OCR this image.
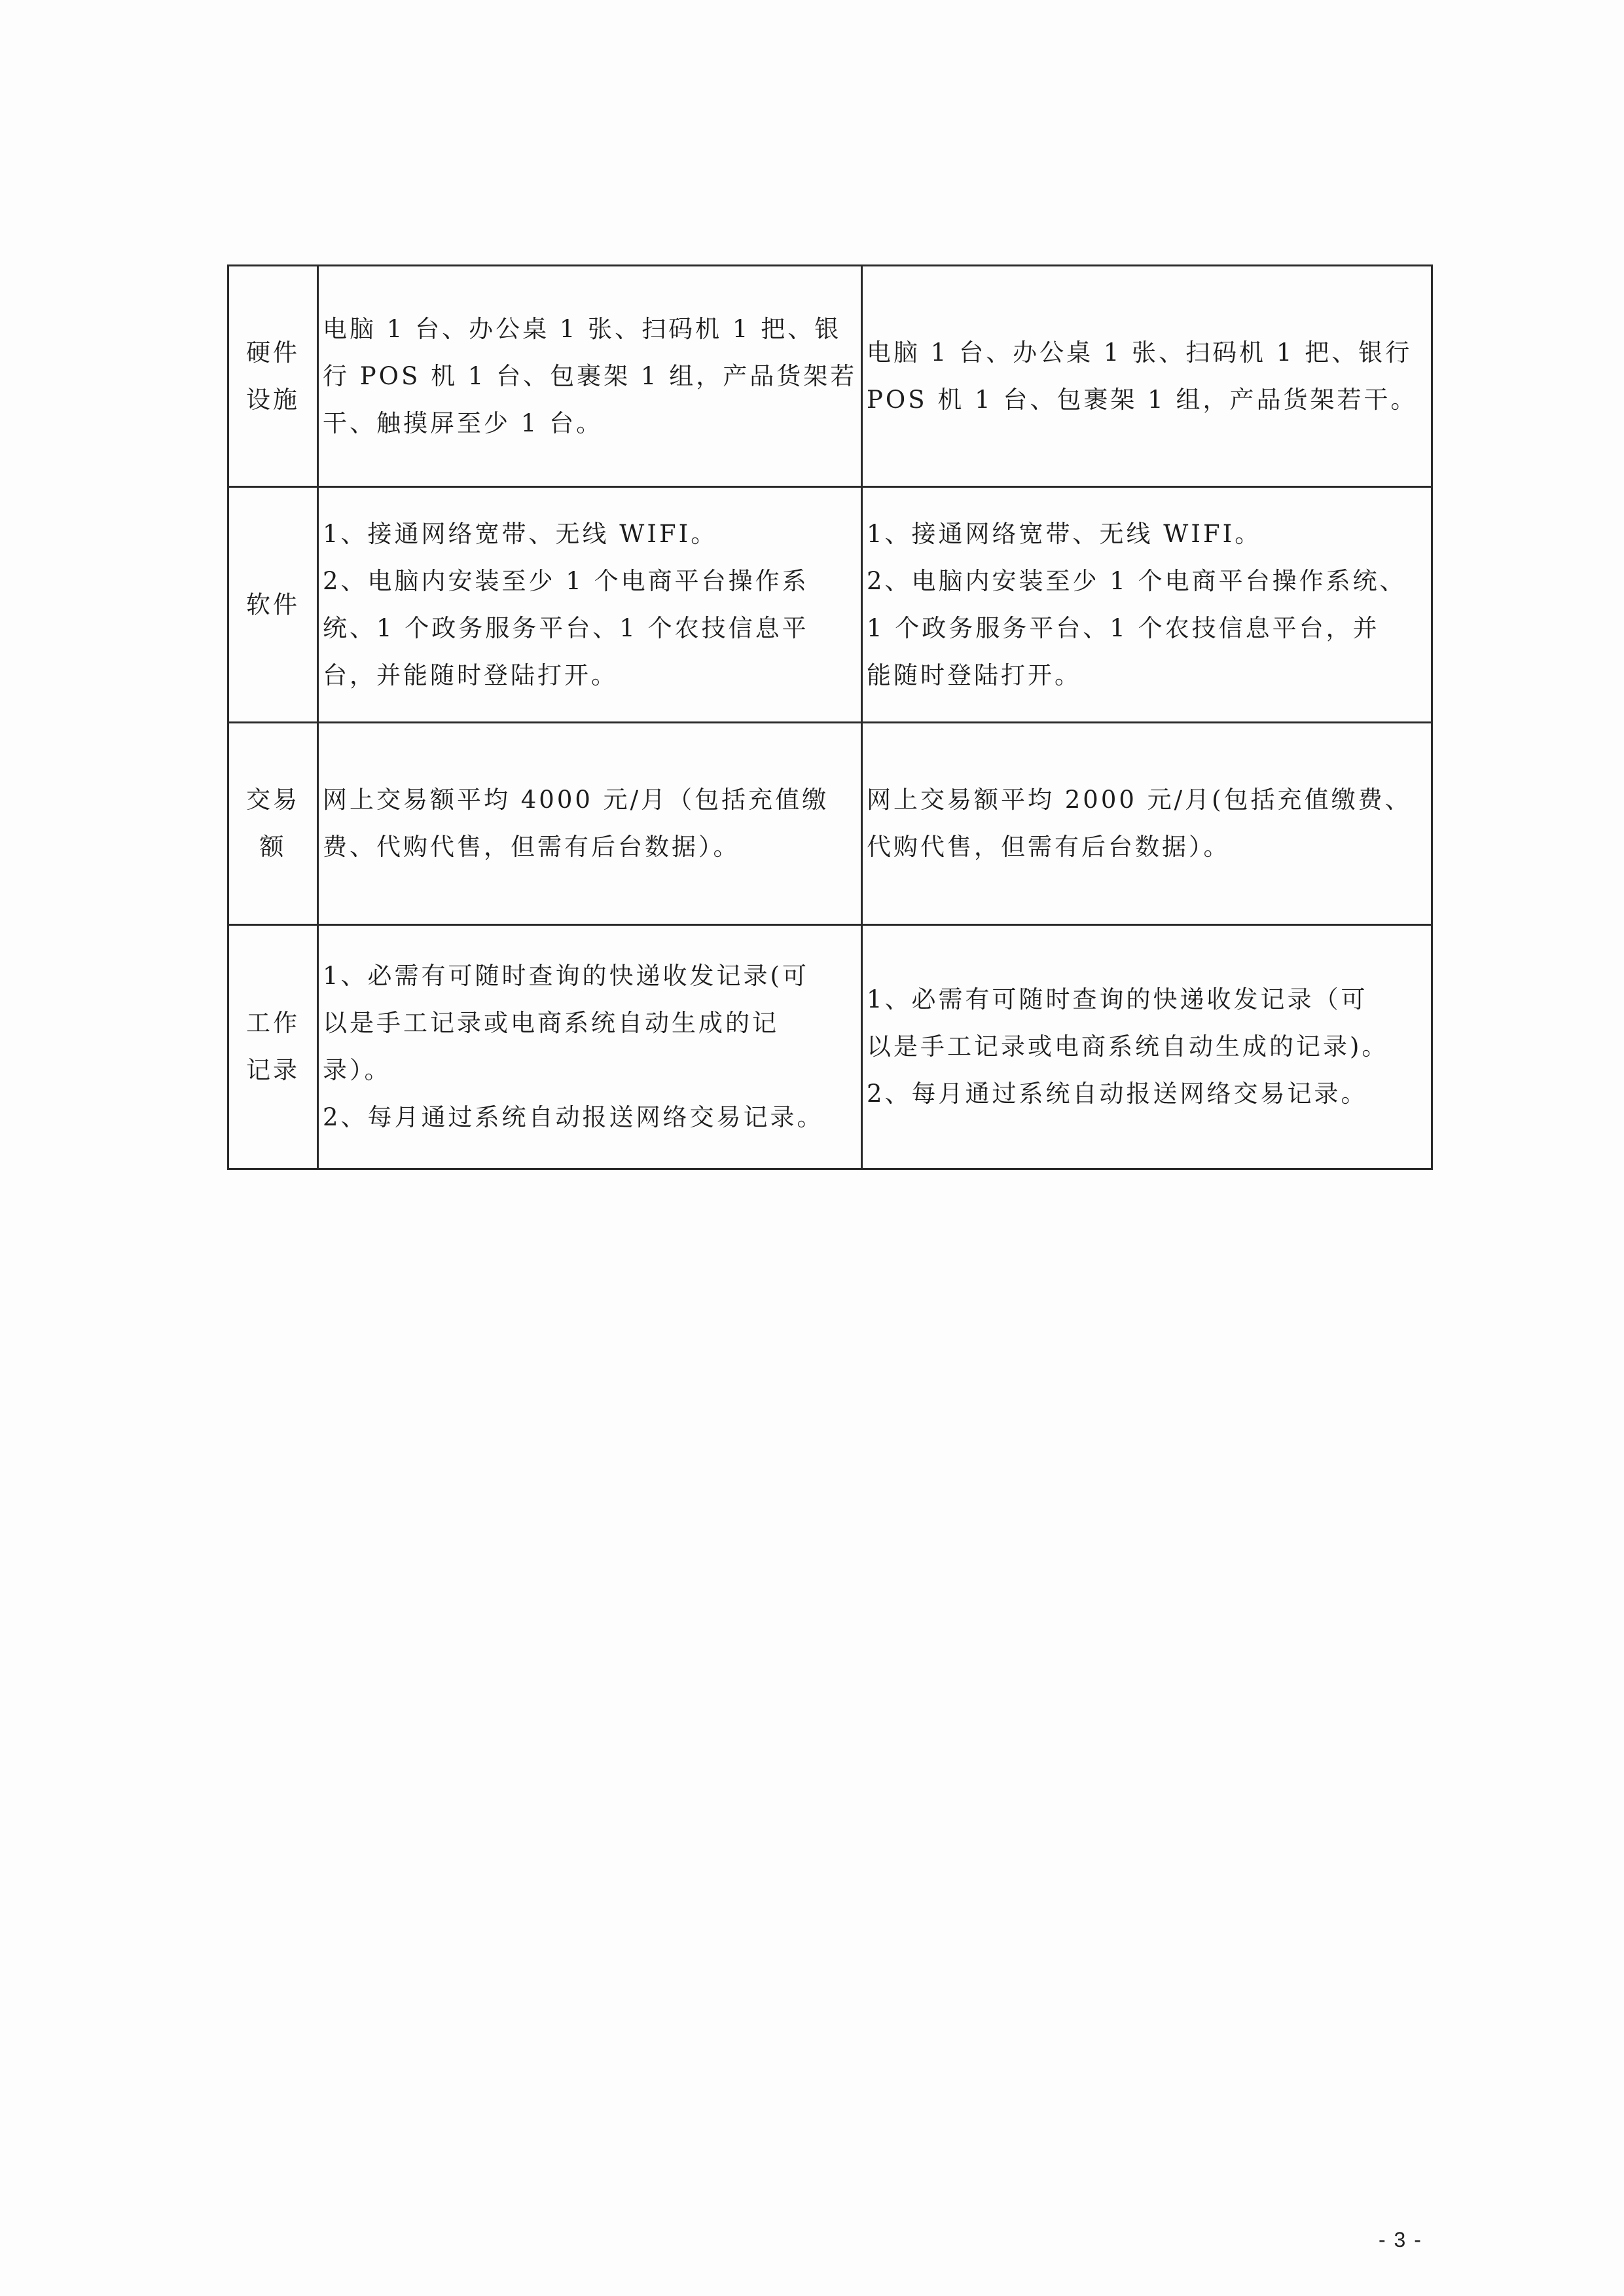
硬件
设施	电脑 1 台、办公桌 1 张、扫码机 1 把、银
行 POS 机 1 台、包裹架 1 组，产品货架若
干、触摸屏至少 1 台。	电脑 1 台、办公桌 1 张、扫码机 1 把、银行
POS 机 1 台、包裹架 1 组，产品货架若干。

软件	1、接通网络宽带、无线 WIFI。
2、电脑内安装至少 1 个电商平台操作系
统、1 个政务服务平台、1 个农技信息平
台，并能随时登陆打开。	1、接通网络宽带、无线 WIFI。
2、电脑内安装至少 1 个电商平台操作系统、
1 个政务服务平台、1 个农技信息平台，并
能随时登陆打开。

交易
额	网上交易额平均 4000 元/月（包括充值缴
费、代购代售，但需有后台数据）。	网上交易额平均 2000 元/月(包括充值缴费、
代购代售，但需有后台数据）。

工作
记录	1、必需有可随时查询的快递收发记录(可
以是手工记录或电商系统自动生成的记
录）。
2、每月通过系统自动报送网络交易记录。	1、必需有可随时查询的快递收发记录（可
以是手工记录或电商系统自动生成的记录)。
2、每月通过系统自动报送网络交易记录。
- 3 -
